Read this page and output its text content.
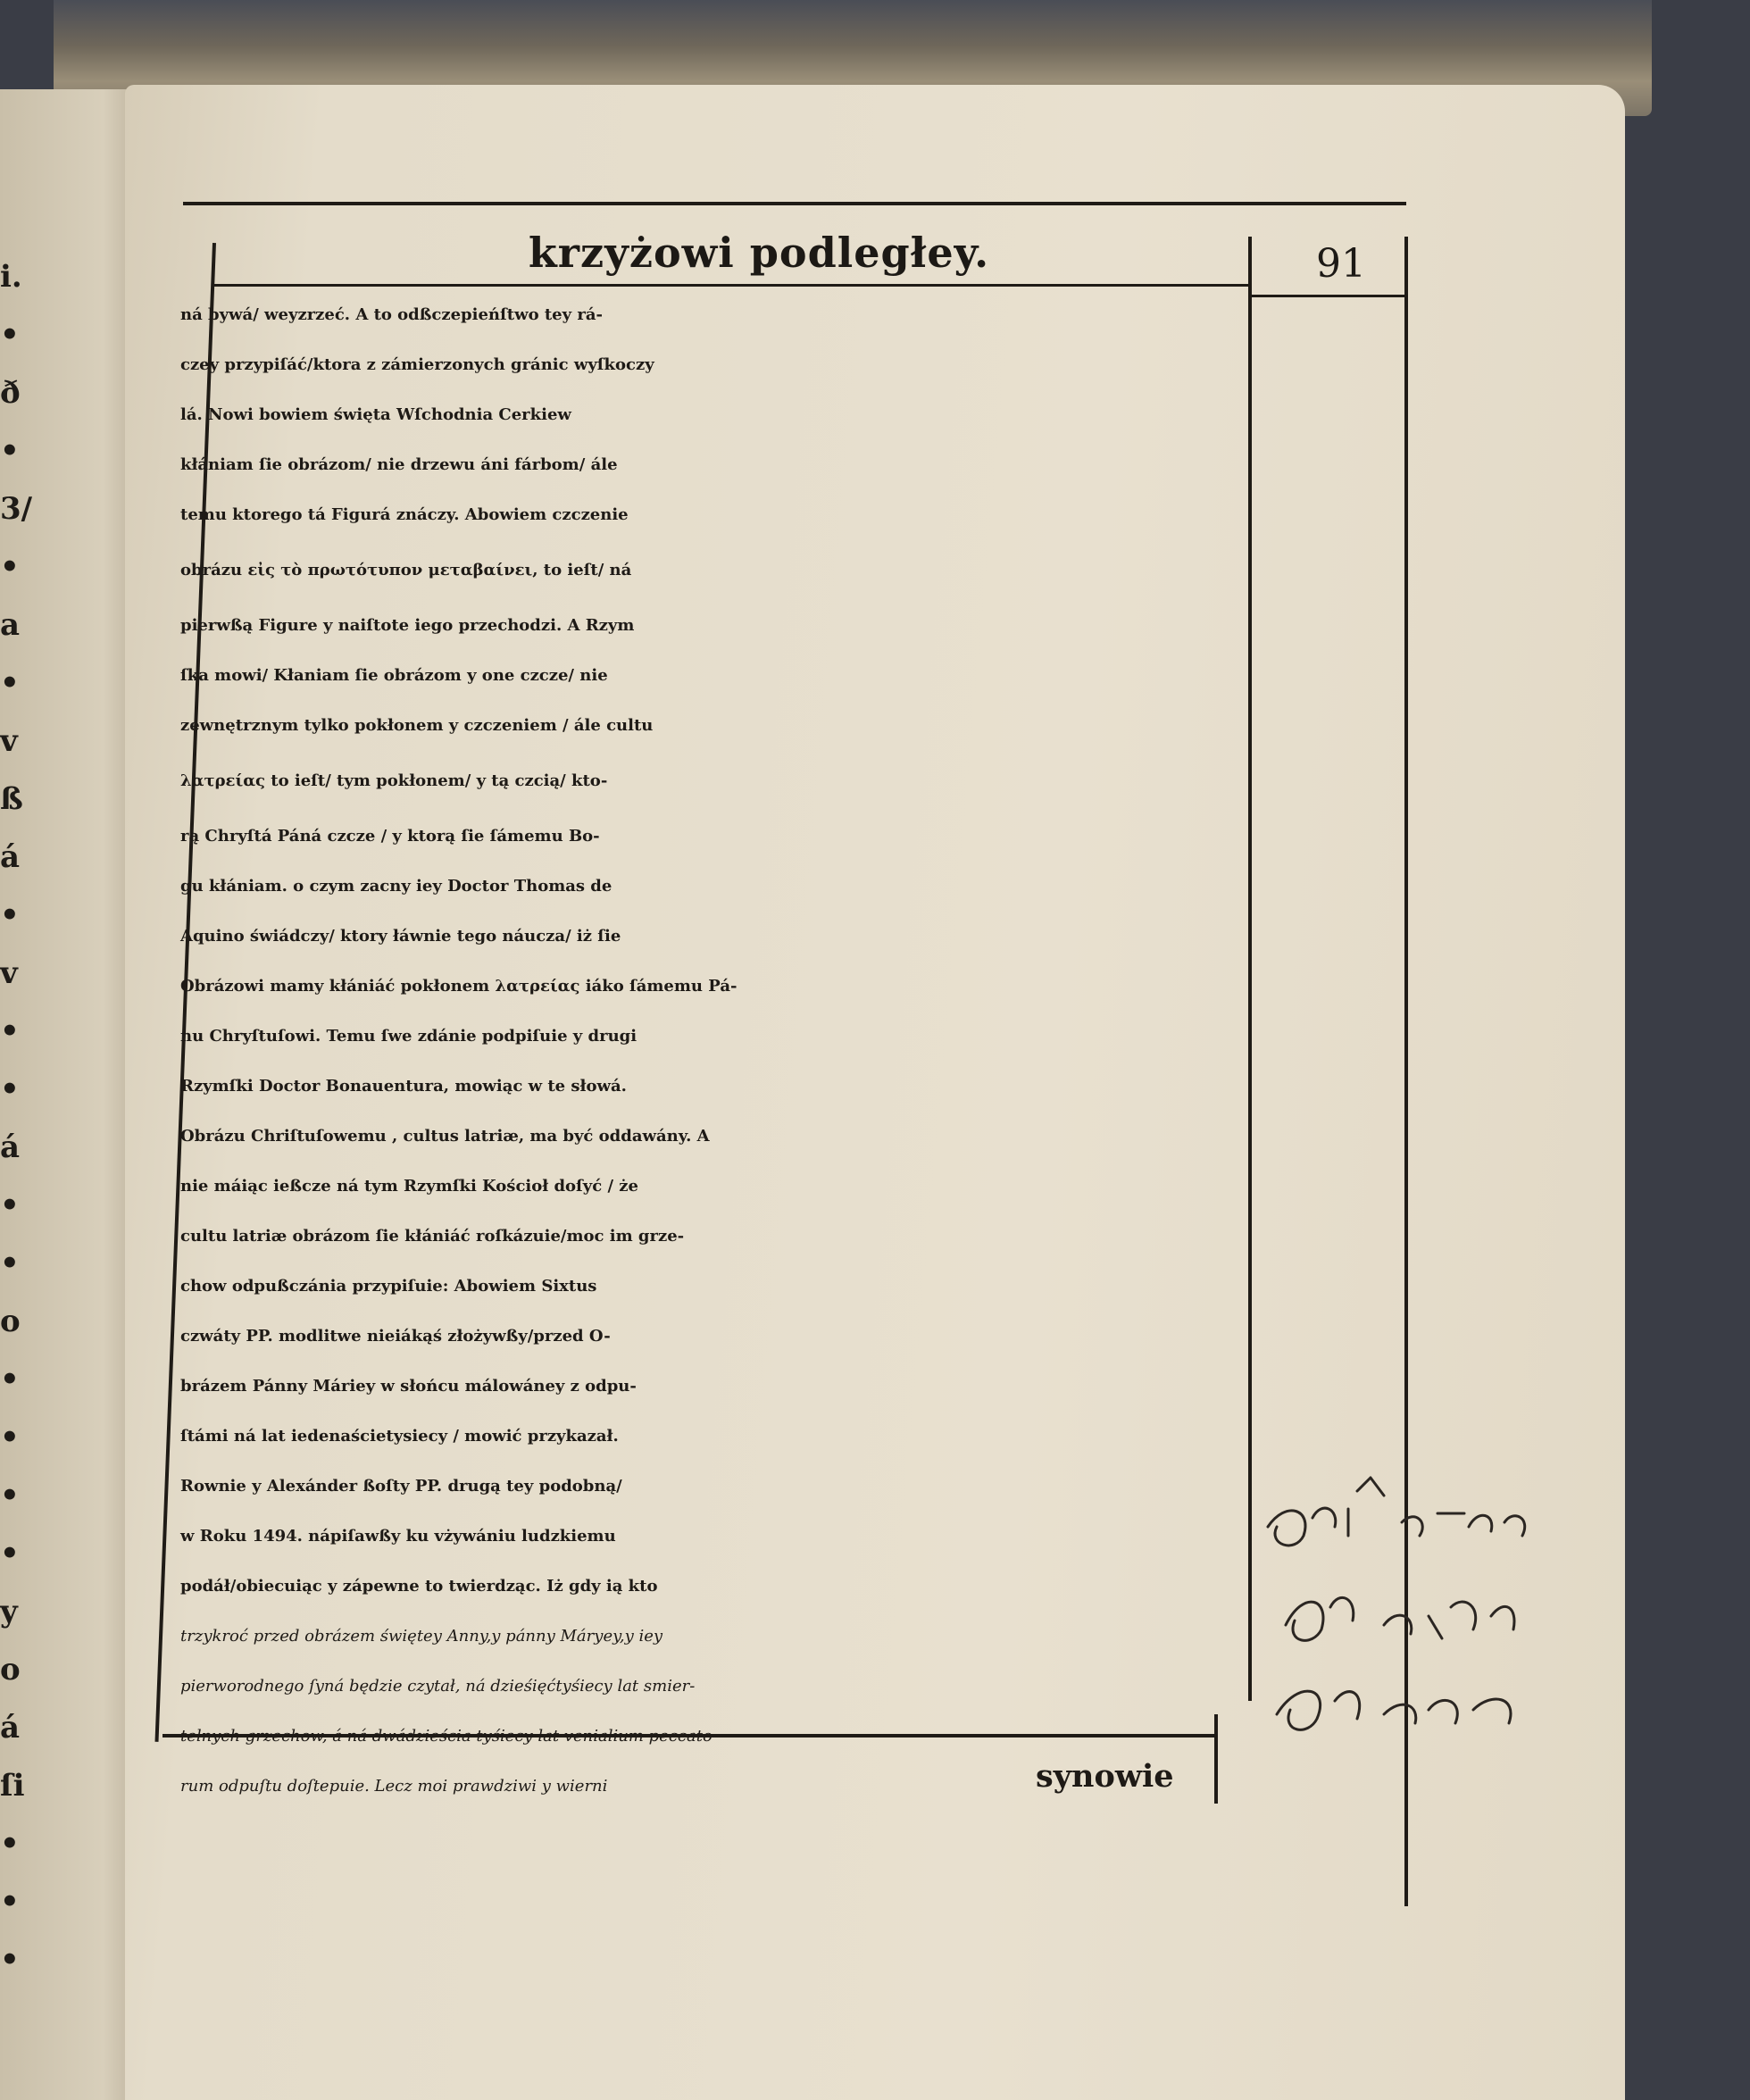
i.
•
ð
•
3/
•
a
•
v
ß
á
•
v
•
•
á
•
•
o
•
•
•
•
y
o
á
ſi
•
•
•
krzyżowi podległey.	91
ná bywá/ weyzrzeć. A to odßczepieńſtwo tey rá-
czey przypiſáć/ktora z zámierzonych gránic wyſkoczy
lá. Nowi bowiem święta Wſchodnia Cerkiew
kłániam ſie obrázom/ nie drzewu áni fárbom/ ále
temu ktorego tá Figurá znáczy. Abowiem czczenie
obrázu εἰς τὸ πρωτότυπον μεταβαίνει, to ieſt/ ná
pierwßą Figure y naiſtote iego przechodzi. A Rzym
ſka mowi/ Kłaniam ſie obrázom y one czcze/ nie
zewnętrznym tylko pokłonem y czczeniem / ále cultu
λατρείας to ieſt/ tym pokłonem/ y tą czcią/ kto-
rą Chryſtá Páná czcze / y ktorą ſie ſámemu Bo-
gu kłániam. o czym zacny iey Doctor Thomas de
Aquino świádczy/ ktory łáwnie tego náucza/ iż ſie
Obrázowi mamy kłániáć pokłonem λατρείας iáko ſámemu Pá-
nu Chryſtuſowi. Temu ſwe zdánie podpiſuie y drugi
Rzymſki Doctor Bonauentura, mowiąc w te słowá.
Obrázu Chriſtuſowemu , cultus latriæ, ma być oddawány. A
nie máiąc ießcze ná tym Rzymſki Kościoł doſyć / że
cultu latriæ obrázom ſie kłániáć roſkázuie/moc im grze-
chow odpußczánia przypiſuie: Abowiem Sixtus
czwáty PP. modlitwe nieiákąś złożywßy/przed O-
brázem Pánny Máriey w słońcu málowáney z odpu-
ſtámi ná lat iedenaścietysiecy / mowić przykazał.
Rownie y Alexánder ßoſty PP. drugą tey podobną/
w Roku 1494. nápiſawßy ku vżywániu ludzkiemu
podáł/obiecuiąc y zápewne to twierdząc. Iż gdy ią kto
trzykroć przed obrázem świętey Anny,y pánny Máryey,y iey
pierworodnego ſyná będzie czytał, ná dzieśięćtyśiecy lat smier-
telnych grzechow, á ná dwádzieścia tyśiecy lat venialium peccato-
rum odpuſtu doſtepuie. Lecz moi prawdziwi y wierni	synowie
